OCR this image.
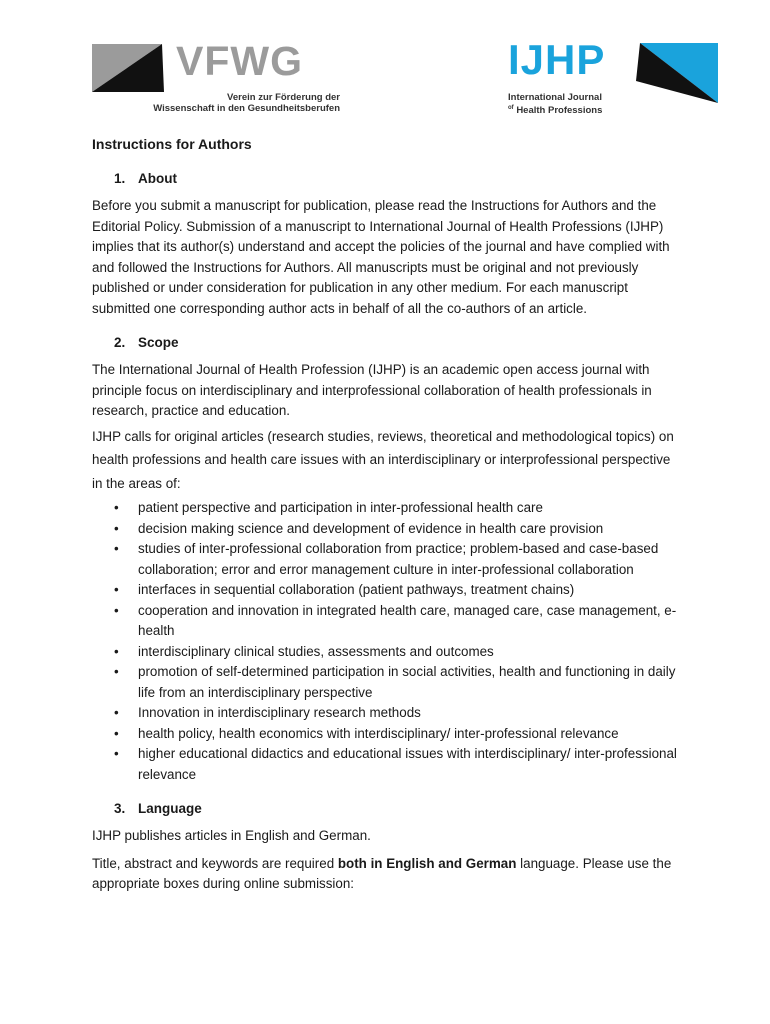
VFWG
Verein zur Förderung der
Wissenschaft in den Gesundheitsberufen
IJHP
International Journal
$^{of}$ Health Professions
Instructions for Authors
1. About

Before you submit a manuscript for publication, please read the Instructions for Authors and the Editorial Policy. Submission of a manuscript to International Journal of Health Professions (IJHP) implies that its author(s) understand and accept the policies of the journal and have complied with and followed the Instructions for Authors. All manuscripts must be original and not previously published or under consideration for publication in any other medium. For each manuscript submitted one corresponding author acts in behalf of all the co-authors of an article.

2. Scope

The International Journal of Health Profession (IJHP) is an academic open access journal with principle focus on interdisciplinary and interprofessional collaboration of health professionals in research, practice and education.

IJHP calls for original articles (research studies, reviews, theoretical and methodological topics) on health professions and health care issues with an interdisciplinary or interprofessional perspective in the areas of:

• patient perspective and participation in inter-professional health care
• decision making science and development of evidence in health care provision
• studies of inter-professional collaboration from practice; problem-based and case-based collaboration; error and error management culture in inter-professional collaboration
• interfaces in sequential collaboration (patient pathways, treatment chains)
• cooperation and innovation in integrated health care, managed care, case management, e-health
• interdisciplinary clinical studies, assessments and outcomes
• promotion of self-determined participation in social activities, health and functioning in daily life from an interdisciplinary perspective
• Innovation in interdisciplinary research methods
• health policy, health economics with interdisciplinary/ inter-professional relevance
• higher educational didactics and educational issues with interdisciplinary/ inter-professional relevance
3. Language

IJHP publishes articles in English and German.

Title, abstract and keywords are required both in English and German language. Please use the appropriate boxes during online submission:
